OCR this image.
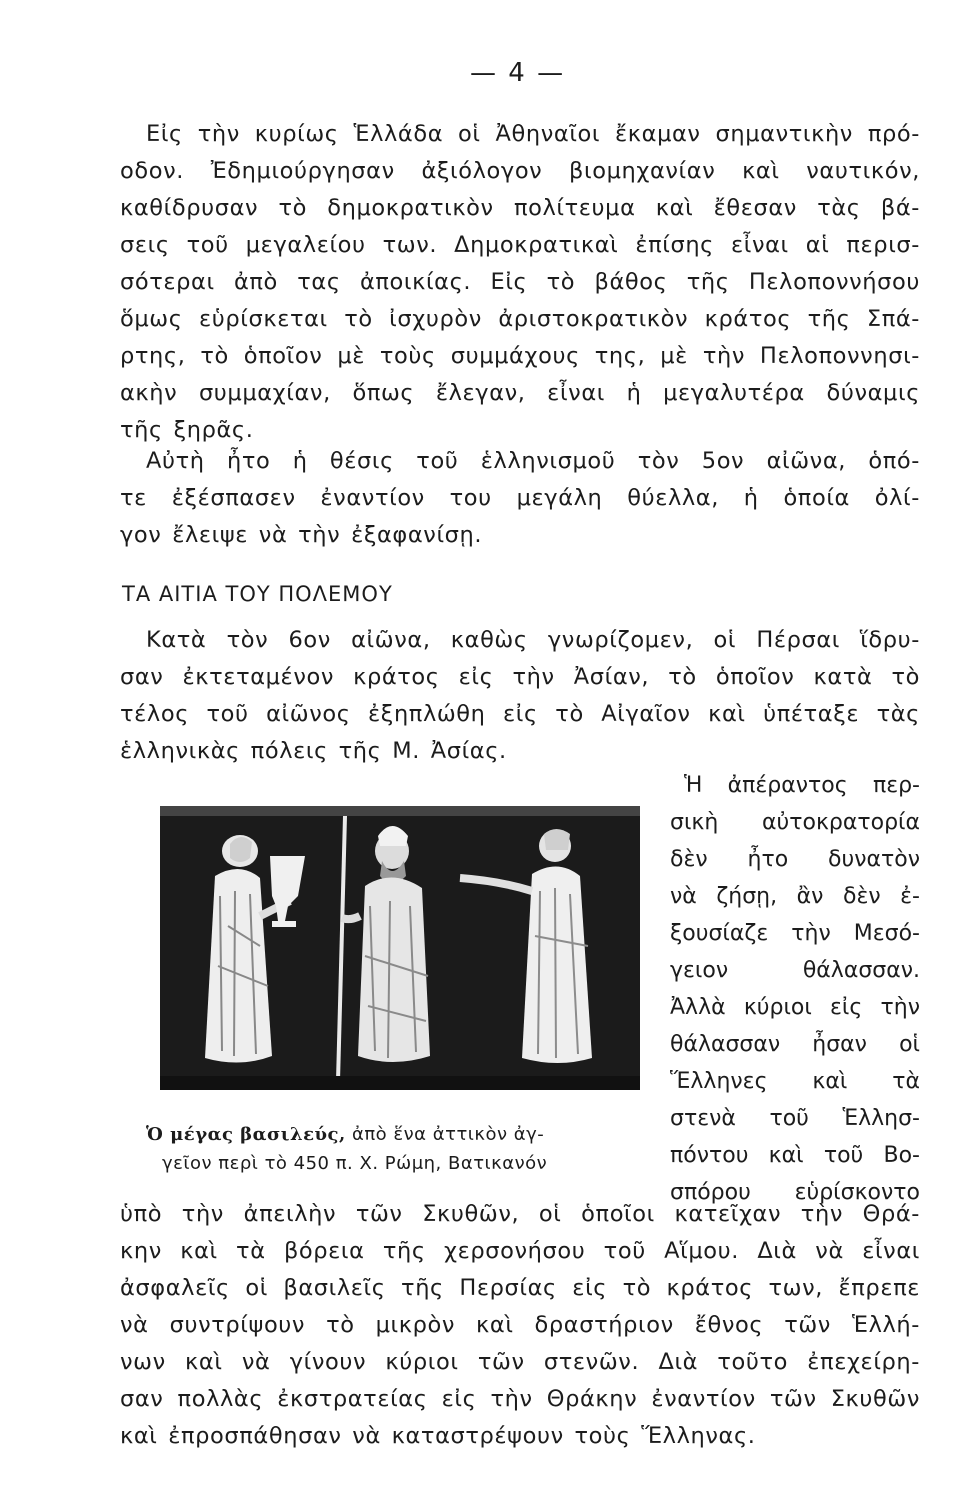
— 4 —
Εἰς τὴν κυρίως Ἑλλάδα οἱ Ἀθηναῖοι ἔκαμαν σημαντικὴν πρό-
οδον. Ἐδημιούργησαν ἀξιόλογον βιομηχανίαν καὶ ναυτικόν,
καθίδρυσαν τὸ δημοκρατικὸν πολίτευμα καὶ ἔθεσαν τὰς βά-
σεις τοῦ μεγαλείου των. Δημοκρατικαὶ ἐπίσης εἶναι αἱ περισ-
σότεραι ἀπὸ τας ἀποικίας. Εἰς τὸ βάθος τῆς Πελοποννήσου
ὅμως εὑρίσκεται τὸ ἰσχυρὸν ἀριστοκρατικὸν κράτος τῆς Σπά-
ρτης, τὸ ὁποῖον μὲ τοὺς συμμάχους της, μὲ τὴν Πελοποννησι-
ακὴν συμμαχίαν, ὅπως ἔλεγαν, εἶναι ἡ μεγαλυτέρα δύναμις
τῆς ξηρᾶς.
Αὐτὴ ἦτο ἡ θέσις τοῦ ἑλληνισμοῦ τὸν 5ον αἰῶνα, ὁπό-
τε ἐξέσπασεν ἐναντίον του μεγάλη θύελλα, ἡ ὁποία ὀλί-
γον ἔλειψε νὰ τὴν ἐξαφανίσῃ.
ΤΑ ΑΙΤΙΑ ΤΟΥ ΠΟΛΕΜΟΥ
Κατὰ τὸν 6ον αἰῶνα, καθὼς γνωρίζομεν, οἱ Πέρσαι ἵδρυ-
σαν ἐκτεταμένον κράτος εἰς τὴν Ἀσίαν, τὸ ὁποῖον κατὰ τὸ
τέλος τοῦ αἰῶνος ἐξηπλώθη εἰς τὸ Αἰγαῖον καὶ ὑπέταξε τὰς
ἑλληνικὰς πόλεις τῆς Μ. Ἀσίας.
Ἡ ἀπέραντος περ-
σικὴ αὐτοκρατορία
δὲν ἦτο δυνατὸν
νὰ ζήσῃ, ἂν δὲν ἐ-
ξουσίαζε τὴν Μεσό-
γειον θάλασσαν.
Ἀλλὰ κύριοι εἰς τὴν
θάλασσαν ἦσαν οἱ
Ἕλληνες καὶ τὰ
στενὰ τοῦ Ἑλλησ-
πόντου καὶ τοῦ Βο-
σπόρου εὑρίσκοντο
Ὁ μέγας βασιλεύς, ἀπὸ ἕνα ἀττικὸν ἀγ-
γεῖον περὶ τὸ 450 π. Χ. Ρώμη, Βατικανόν
ὑπὸ τὴν ἀπειλὴν τῶν Σκυθῶν, οἱ ὁποῖοι κατεῖχαν τὴν Θρά-
κην καὶ τὰ βόρεια τῆς χερσονήσου τοῦ Αἵμου. Διὰ νὰ εἶναι
ἀσφαλεῖς οἱ βασιλεῖς τῆς Περσίας εἰς τὸ κράτος των, ἔπρεπε
νὰ συντρίψουν τὸ μικρὸν καὶ δραστήριον ἔθνος τῶν Ἑλλή-
νων καὶ νὰ γίνουν κύριοι τῶν στενῶν. Διὰ τοῦτο ἐπεχείρη-
σαν πολλὰς ἐκστρατείας εἰς τὴν Θράκην ἐναντίον τῶν Σκυθῶν
καὶ ἐπροσπάθησαν νὰ καταστρέψουν τοὺς Ἕλληνας.
